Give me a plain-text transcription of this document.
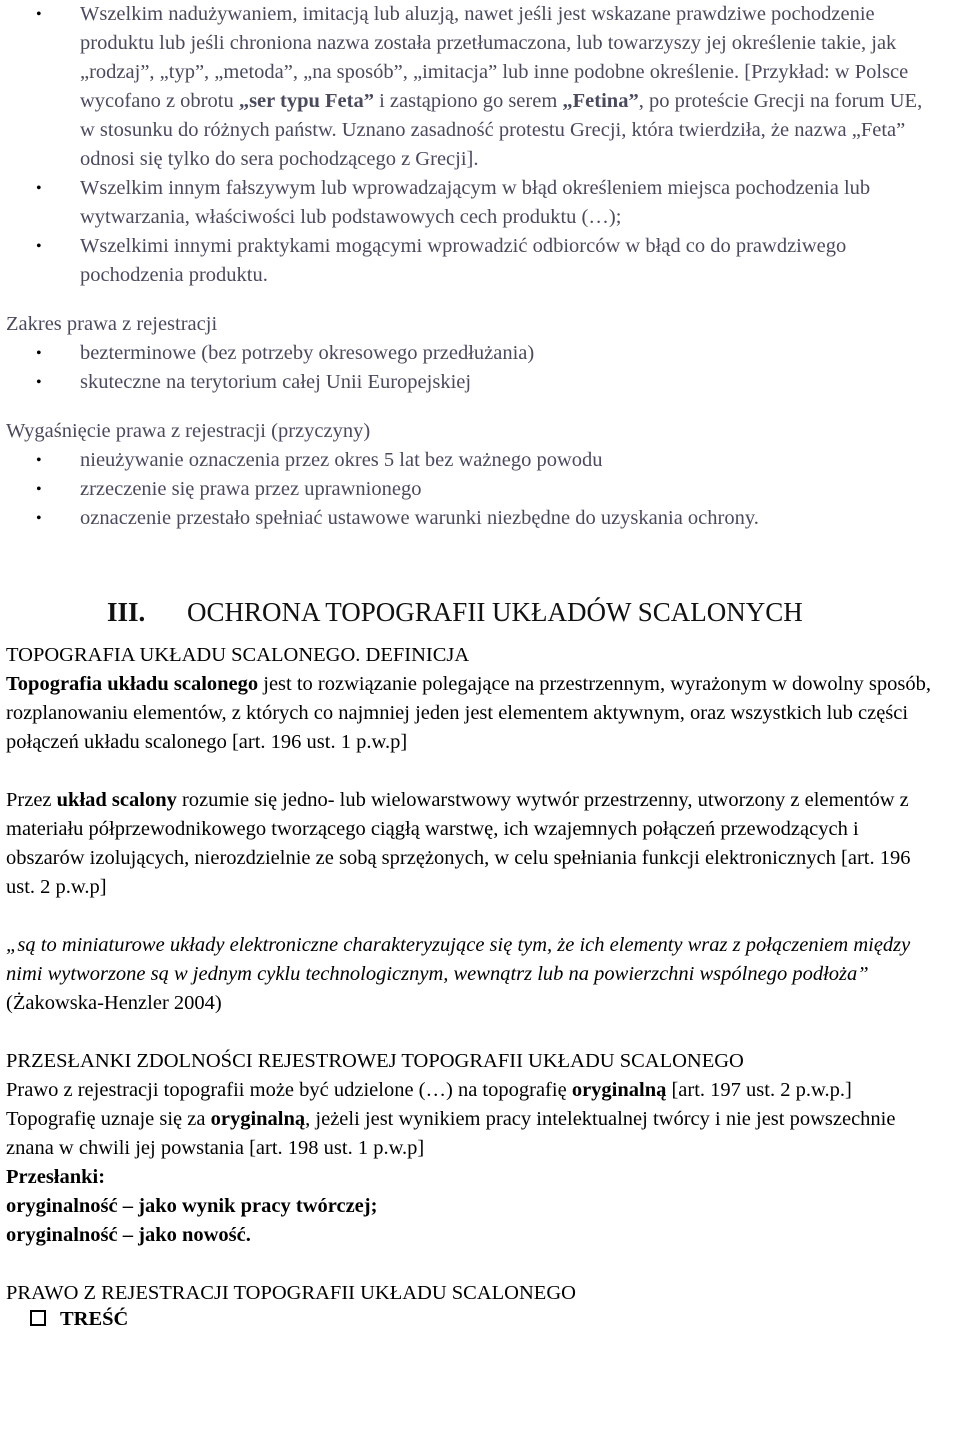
• Wszelkim nadużywaniem, imitacją lub aluzją, nawet jeśli jest wskazane prawdziwe pochodzenie produktu lub jeśli chroniona nazwa została przetłumaczona, lub towarzyszy jej określenie takie, jak „rodzaj”, „typ”, „metoda”, „na sposób”, „imitacja” lub inne podobne określenie. [Przykład: w Polsce wycofano z obrotu „ser typu Feta” i zastąpiono go serem „Fetina”, po proteście Grecji na forum UE, w stosunku do różnych państw. Uznano zasadność protestu Grecji, która twierdziła, że nazwa „Feta” odnosi się tylko do sera pochodzącego z Grecji].
• Wszelkim innym fałszywym lub wprowadzającym w błąd określeniem miejsca pochodzenia lub wytwarzania, właściwości lub podstawowych cech produktu (…);
• Wszelkimi innymi praktykami mogącymi wprowadzić odbiorców w błąd co do prawdziwego pochodzenia produktu.
Zakres prawa z rejestracji
• bezterminowe (bez potrzeby okresowego przedłużania)
• skuteczne na terytorium całej Unii Europejskiej
Wygaśnięcie prawa z rejestracji (przyczyny)
• nieużywanie oznaczenia przez okres 5 lat bez ważnego powodu
• zrzeczenie się prawa przez uprawnionego
• oznaczenie przestało spełniać ustawowe warunki niezbędne do uzyskania ochrony.
III. OCHRONA TOPOGRAFII UKŁADÓW SCALONYCH
TOPOGRAFIA UKŁADU SCALONEGO. DEFINICJA
Topografia układu scalonego jest to rozwiązanie polegające na przestrzennym, wyrażonym w dowolny sposób, rozplanowaniu elementów, z których co najmniej jeden jest elementem aktywnym, oraz wszystkich lub części połączeń układu scalonego [art. 196 ust. 1 p.w.p]
Przez układ scalony rozumie się jedno- lub wielowarstwowy wytwór przestrzenny, utworzony z elementów z materiału półprzewodnikowego tworzącego ciągłą warstwę, ich wzajemnych połączeń przewodzących i obszarów izolujących, nierozdzielnie ze sobą sprzężonych, w celu spełniania funkcji elektronicznych [art. 196 ust. 2 p.w.p]
„są to miniaturowe układy elektroniczne charakteryzujące się tym, że ich elementy wraz z połączeniem między nimi wytworzone są w jednym cyklu technologicznym, wewnątrz lub na powierzchni wspólnego podłoża” (Żakowska-Henzler 2004)
PRZESŁANKI ZDOLNOŚCI REJESTROWEJ TOPOGRAFII UKŁADU SCALONEGO
Prawo z rejestracji topografii może być udzielone (…) na topografię oryginalną [art. 197 ust. 2 p.w.p.]
Topografię uznaje się za oryginalną, jeżeli jest wynikiem pracy intelektualnej twórcy i nie jest powszechnie znana w chwili jej powstania [art. 198 ust. 1 p.w.p]
Przesłanki:
oryginalność – jako wynik pracy twórczej;
oryginalność – jako nowość.
PRAWO Z REJESTRACJI TOPOGRAFII UKŁADU SCALONEGO
TREŚĆ
